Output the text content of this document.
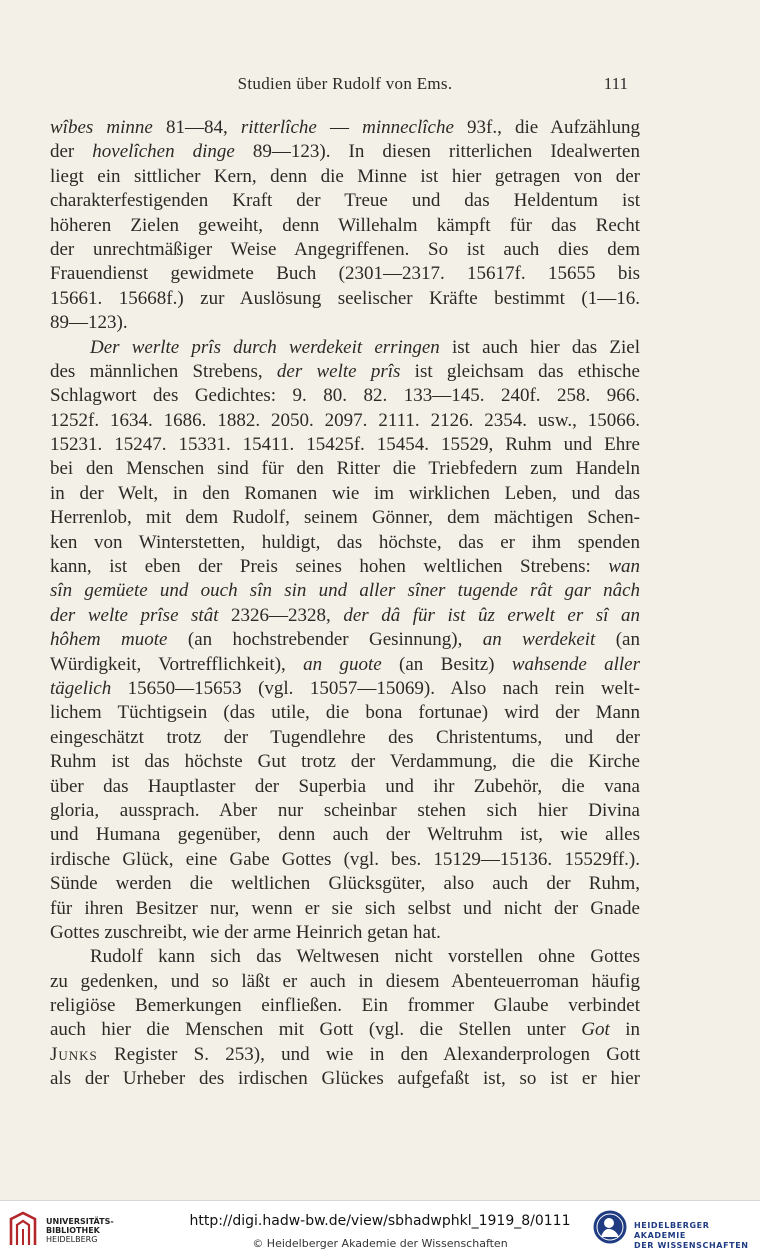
Studien über Rudolf von Ems.	111
wîbes minne 81—84, ritterlîche — minneclîche 93f., die Aufzählung
der hovelîchen dinge 89—123). In diesen ritterlichen Idealwerten
liegt ein sittlicher Kern, denn die Minne ist hier getragen von der
charakterfestigenden Kraft der Treue und das Heldentum ist
höheren Zielen geweiht, denn Willehalm kämpft für das Recht
der unrechtmäßiger Weise Angegriffenen. So ist auch dies dem
Frauendienst gewidmete Buch (2301—2317. 15617f. 15655 bis
15661. 15668f.) zur Auslösung seelischer Kräfte bestimmt (1—16.
89—123).
Der werlte prîs durch werdekeit erringen ist auch hier das Ziel
des männlichen Strebens, der welte prîs ist gleichsam das ethische
Schlagwort des Gedichtes: 9. 80. 82. 133—145. 240f. 258. 966.
1252f. 1634. 1686. 1882. 2050. 2097. 2111. 2126. 2354. usw., 15066.
15231. 15247. 15331. 15411. 15425f. 15454. 15529, Ruhm und Ehre
bei den Menschen sind für den Ritter die Triebfedern zum Handeln
in der Welt, in den Romanen wie im wirklichen Leben, und das
Herrenlob, mit dem Rudolf, seinem Gönner, dem mächtigen Schen-
ken von Winterstetten, huldigt, das höchste, das er ihm spenden
kann, ist eben der Preis seines hohen weltlichen Strebens: wan
sîn gemüete und ouch sîn sin und aller sîner tugende rât gar nâch
der welte prîse stât 2326—2328, der dâ für ist ûz erwelt er sî an
hôhem muote (an hochstrebender Gesinnung), an werdekeit (an
Würdigkeit, Vortrefflichkeit), an guote (an Besitz) wahsende aller
tägelich 15650—15653 (vgl. 15057—15069). Also nach rein welt-
lichem Tüchtigsein (das utile, die bona fortunae) wird der Mann
eingeschätzt trotz der Tugendlehre des Christentums, und der
Ruhm ist das höchste Gut trotz der Verdammung, die die Kirche
über das Hauptlaster der Superbia und ihr Zubehör, die vana
gloria, aussprach. Aber nur scheinbar stehen sich hier Divina
und Humana gegenüber, denn auch der Weltruhm ist, wie alles
irdische Glück, eine Gabe Gottes (vgl. bes. 15129—15136. 15529ff.).
Sünde werden die weltlichen Glücksgüter, also auch der Ruhm,
für ihren Besitzer nur, wenn er sie sich selbst und nicht der Gnade
Gottes zuschreibt, wie der arme Heinrich getan hat.
Rudolf kann sich das Weltwesen nicht vorstellen ohne Gottes
zu gedenken, und so läßt er auch in diesem Abenteuerroman häufig
religiöse Bemerkungen einfließen. Ein frommer Glaube verbindet
auch hier die Menschen mit Gott (vgl. die Stellen unter Got in
Junks Register S. 253), und wie in den Alexanderprologen Gott
als der Urheber des irdischen Glückes aufgefaßt ist, so ist er hier
UNIVERSITÄTS-
BIBLIOTHEK
HEIDELBERG
http://digi.hadw-bw.de/view/sbhadwphkl_1919_8/0111
© Heidelberger Akademie der Wissenschaften
HEIDELBERGER AKADEMIE
DER WISSENSCHAFTEN
